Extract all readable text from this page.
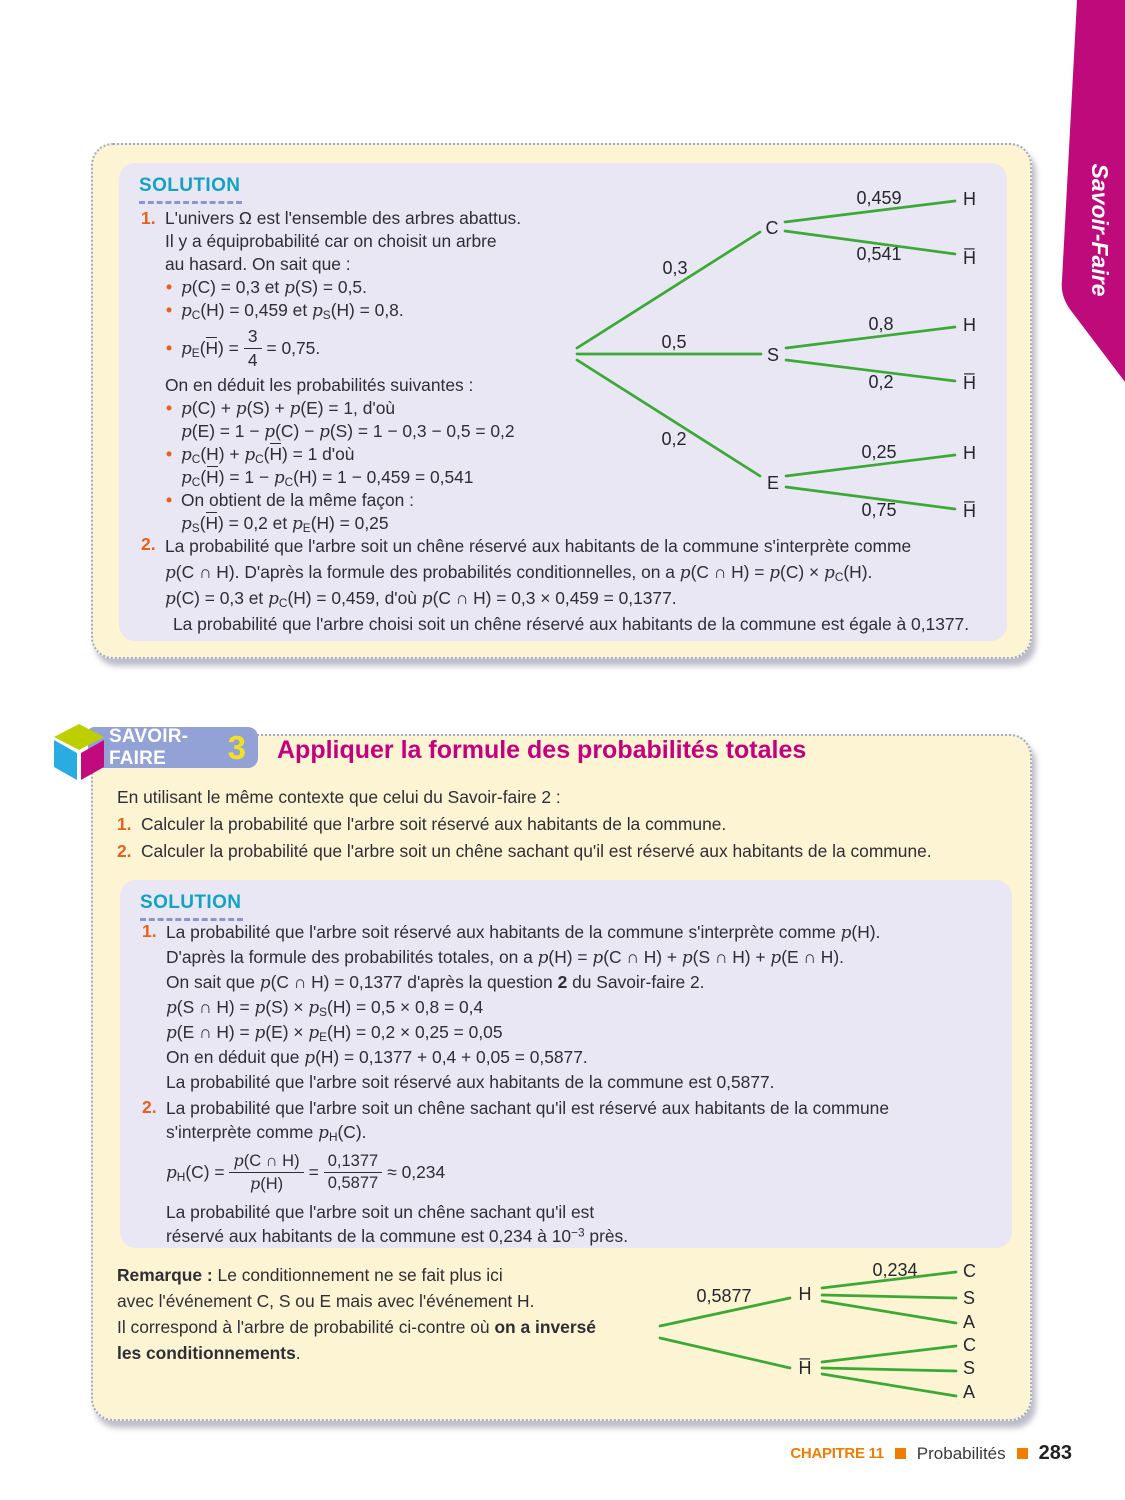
Savoir-Faire
SOLUTION
1. L'univers Ω est l'ensemble des arbres abattus.
Il y a équiprobabilité car on choisit un arbre
au hasard. On sait que :
• p(C) = 0,3 et p(S) = 0,5.
• $p_C(H) = 0,459$ et $p_S(H) = 0,8$.
• $p_E(H) = \frac{3}{4} = 0,75$.
On en déduit les probabilités suivantes :
• p(C) + p(S) + p(E) = 1, d'où
p(E) = 1 − p(C) − p(S) = 1 − 0,3 − 0,5 = 0,2
• $p_C(H) + p_C(H) = 1$ d'où
$p_C(H) = 1 - p_C(H) = 1 - 0,459 = 0,541$
• On obtient de la même façon :
$p_S(H) = 0,2$ et $p_E(H) = 0,25$
0,3
0,5
0,2
C
S
E
0,459
0,541
0,8
0,2
0,25
0,75
H
H̅
H
H̅
H
H̅
2. La probabilité que l'arbre soit un chêne réservé aux habitants de la commune s'interprète comme
p(C ∩ H). D'après la formule des probabilités conditionnelles, on a p(C ∩ $H) = p(C) \times p_C(H)$.
p(C) = 0,3 et $p_C(H) = 0,459$, d'où p(C ∩ H) = 0,3 × 0,459 = 0,1377.
La probabilité que l'arbre choisi soit un chêne réservé aux habitants de la commune est égale à 0,1377.
SAVOIR-FAIRE	3 Appliquer la formule des probabilités totales
En utilisant le même contexte que celui du Savoir-faire 2 :
1. Calculer la probabilité que l'arbre soit réservé aux habitants de la commune.
2. Calculer la probabilité que l'arbre soit un chêne sachant qu'il est réservé aux habitants de la commune.
SOLUTION
1. La probabilité que l'arbre soit réservé aux habitants de la commune s'interprète comme p(H).
D'après la formule des probabilités totales, on a p(H) = p(C ∩ H) + p(S ∩ H) + p(E ∩ H).
On sait que p(C ∩ H) = 0,1377 d'après la question 2 du Savoir-faire 2.
p(S ∩ $H) = p(S) \times p_S(H) = 0,5 \times 0,8 = 0,4$
p(E ∩ $H) = p(E) \times p_E(H) = 0,2 \times 0,25 = 0,05$
On en déduit que p(H) = 0,1377 + 0,4 + 0,05 = 0,5877.
La probabilité que l'arbre soit réservé aux habitants de la commune est 0,5877.
2. La probabilité que l'arbre soit un chêne sachant qu'il est réservé aux habitants de la commune
s'interprète comme $p_H(C)$.
$p_H(C) = \frac{p(C \cap H)}{p(H)} = \frac{0,1377}{0,5877} \approx 0,234$
La probabilité que l'arbre soit un chêne sachant qu'il est
réservé aux habitants de la commune est 0,234 à $10^{-3}$ près.
Remarque : Le conditionnement ne se fait plus ici
avec l'événement C, S ou E mais avec l'événement H.
Il correspond à l'arbre de probabilité ci-contre où on a inversé
les conditionnements.
0,5877
0,234
H
H̅
C
S
A
C
S
A
CHAPITRE 11 Probabilités 283
